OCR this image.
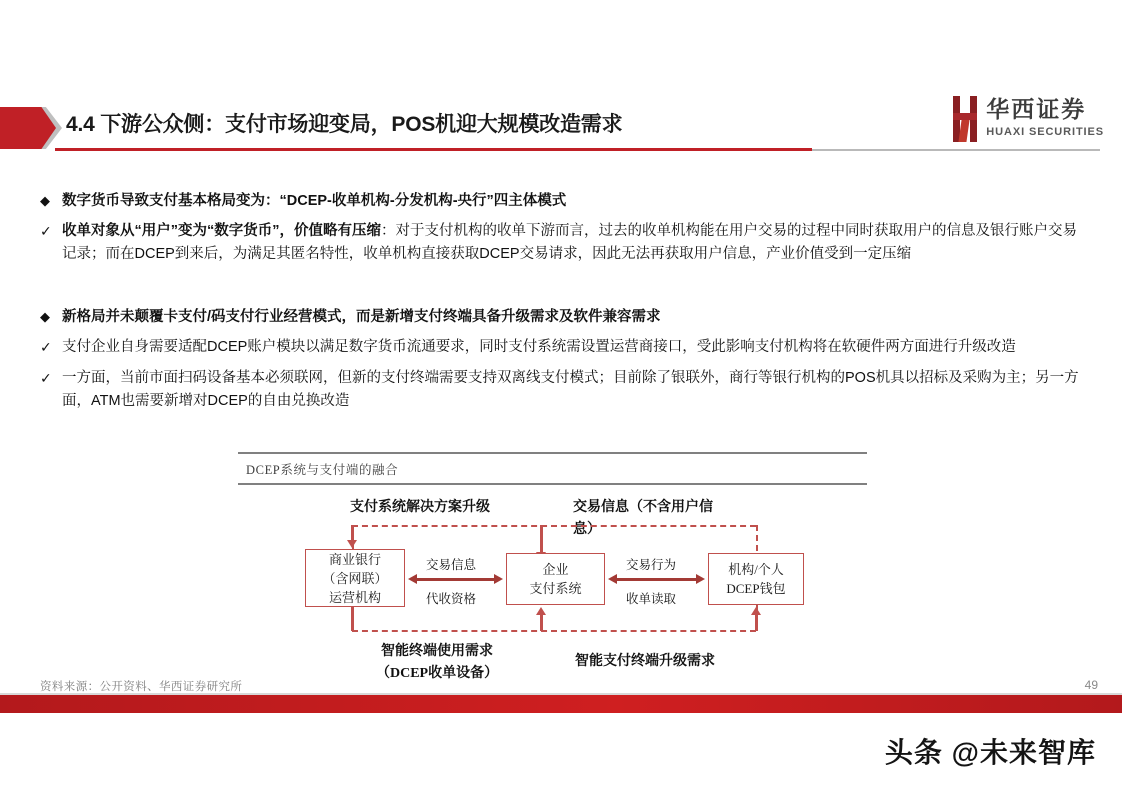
4.4 下游公众侧：支付市场迎变局，POS机迎大规模改造需求
华西证券
HUAXI SECURITIES
◆ 数字货币导致支付基本格局变为：“DCEP-收单机构-分发机构-央行”四主体模式
✓ 收单对象从“用户”变为“数字货币”，价值略有压缩：对于支付机构的收单下游而言，过去的收单机构能在用户交易的过程中同时获取用户的信息及银行账户交易记录；而在DCEP到来后，为满足其匿名特性，收单机构直接获取DCEP交易请求，因此无法再获取用户信息，产业价值受到一定压缩
◆ 新格局并未颠覆卡支付/码支付行业经营模式，而是新增支付终端具备升级需求及软件兼容需求
✓ 支付企业自身需要适配DCEP账户模块以满足数字货币流通要求，同时支付系统需设置运营商接口，受此影响支付机构将在软硬件两方面进行升级改造
✓ 一方面，当前市面扫码设备基本必须联网，但新的支付终端需要支持双离线支付模式；目前除了银联外，商行等银行机构的POS机具以招标及采购为主；另一方面，ATM也需要新增对DCEP的自由兑换改造
DCEP系统与支付端的融合
支付系统解决方案升级	交易信息（不含用户信
息）
商业银行
（含网联）
运营机构
企业
支付系统
机构/个人
DCEP钱包
交易信息
代收资格
交易行为
收单读取
智能终端使用需求
（DCEP收单设备）
智能支付终端升级需求
资料来源：公开资料、华西证券研究所	49
头条 @未来智库
